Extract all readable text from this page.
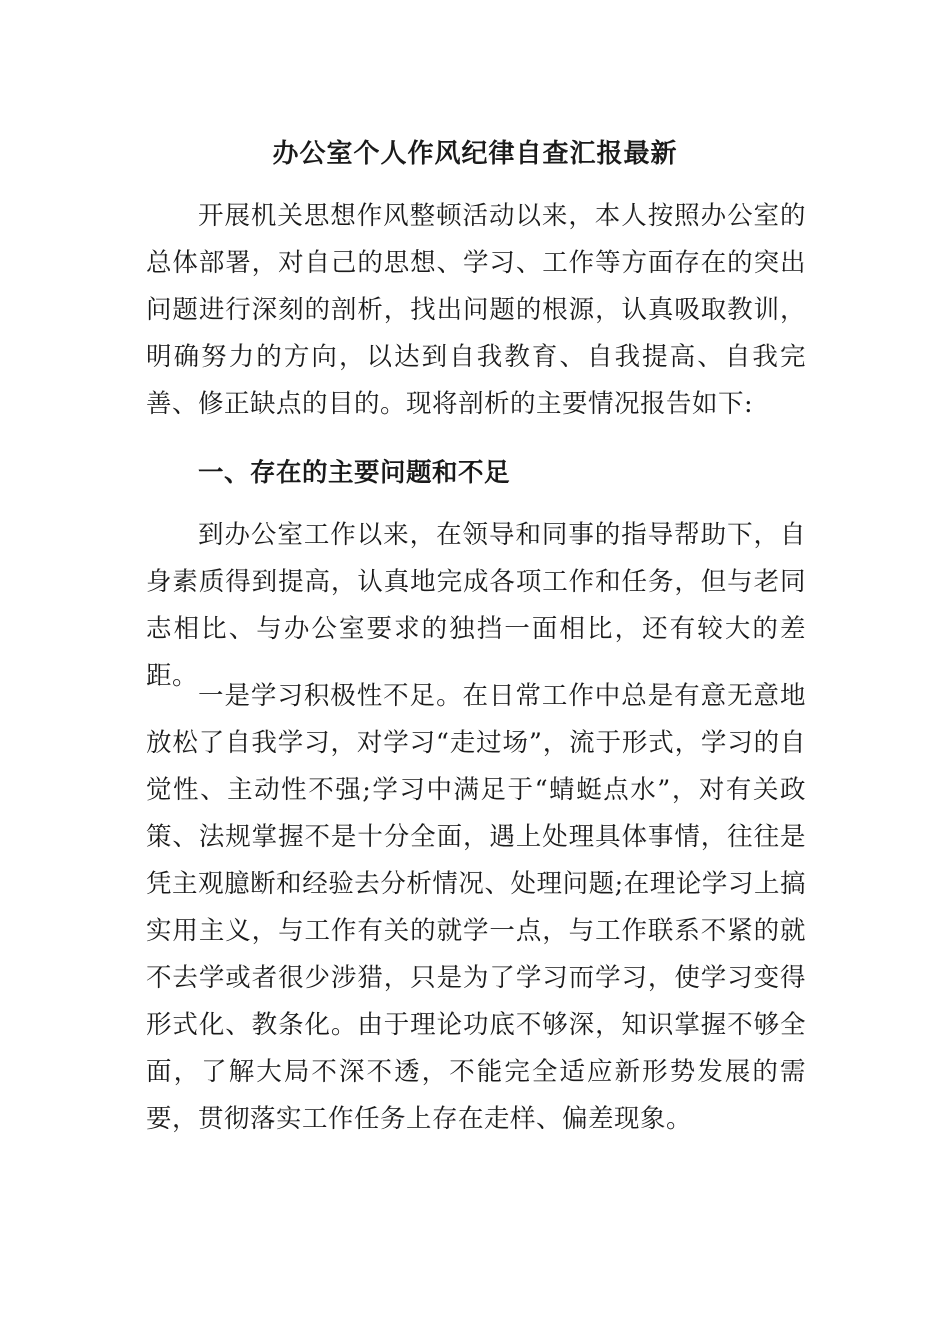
办公室个人作风纪律自查汇报最新

开展机关思想作风整顿活动以来，本人按照办公室的总体部署，对自己的思想、学习、工作等方面存在的突出问题进行深刻的剖析，找出问题的根源，认真吸取教训，明确努力的方向，以达到自我教育、自我提高、自我完善、修正缺点的目的。现将剖析的主要情况报告如下:

一、存在的主要问题和不足

到办公室工作以来，在领导和同事的指导帮助下，自身素质得到提高，认真地完成各项工作和任务，但与老同志相比、与办公室要求的独挡一面相比，还有较大的差距。

一是学习积极性不足。在日常工作中总是有意无意地放松了自我学习，对学习“走过场”，流于形式，学习的自觉性、主动性不强;学习中满足于“蜻蜓点水”，对有关政策、法规掌握不是十分全面，遇上处理具体事情，往往是凭主观臆断和经验去分析情况、处理问题;在理论学习上搞实用主义，与工作有关的就学一点，与工作联系不紧的就不去学或者很少涉猎，只是为了学习而学习，使学习变得形式化、教条化。由于理论功底不够深，知识掌握不够全面，了解大局不深不透，不能完全适应新形势发展的需要，贯彻落实工作任务上存在走样、偏差现象。
